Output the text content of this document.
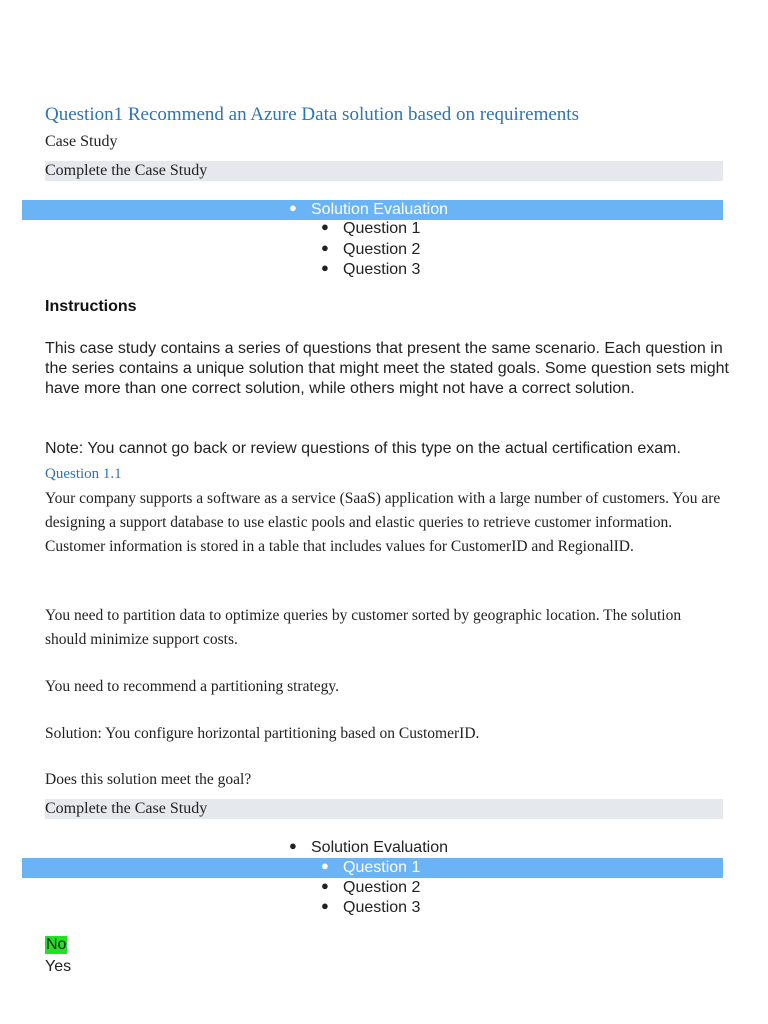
Question1 Recommend an Azure Data solution based on requirements
Case Study
Complete the Case Study
● Solution Evaluation
● Question 1
● Question 2
● Question 3
Instructions
This case study contains a series of questions that present the same scenario. Each question in the series contains a unique solution that might meet the stated goals. Some question sets might have more than one correct solution, while others might not have a correct solution.
Note: You cannot go back or review questions of this type on the actual certification exam.
Question 1.1
Your company supports a software as a service (SaaS) application with a large number of customers. You are designing a support database to use elastic pools and elastic queries to retrieve customer information. Customer information is stored in a table that includes values for CustomerID and RegionalID.
You need to partition data to optimize queries by customer sorted by geographic location. The solution should minimize support costs.
You need to recommend a partitioning strategy.
Solution: You configure horizontal partitioning based on CustomerID.
Does this solution meet the goal?
Complete the Case Study
● Solution Evaluation
● Question 1
● Question 2
● Question 3
No
Yes
